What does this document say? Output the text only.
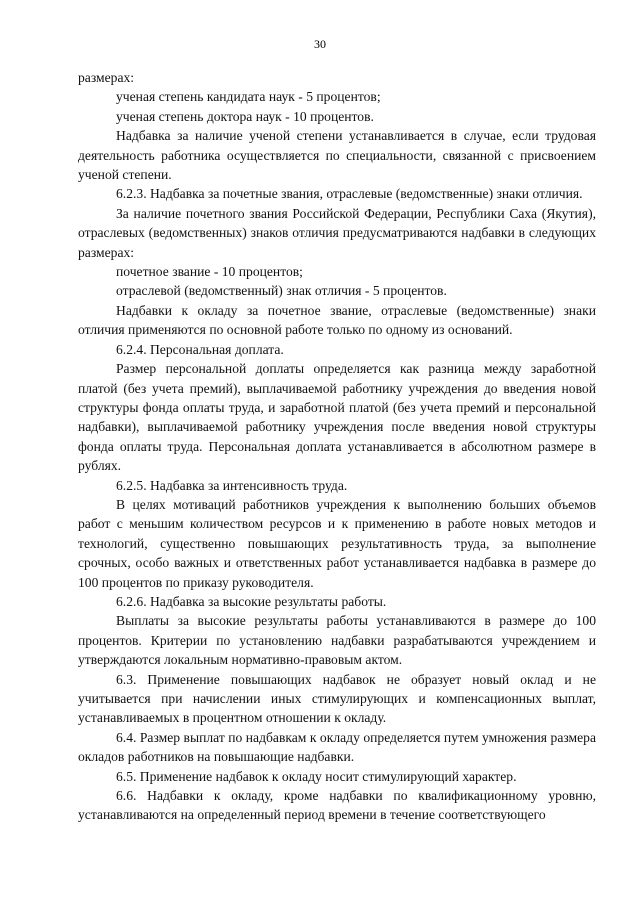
30

размерах:

ученая степень кандидата наук - 5 процентов;

ученая степень доктора наук - 10 процентов.

Надбавка за наличие ученой степени устанавливается в случае, если трудовая деятельность работника осуществляется по специальности, связанной с присвоением ученой степени.

6.2.3. Надбавка за почетные звания, отраслевые (ведомственные) знаки отличия.

За наличие почетного звания Российской Федерации, Республики Саха (Якутия), отраслевых (ведомственных) знаков отличия предусматриваются надбавки в следующих размерах:

почетное звание - 10 процентов;

отраслевой (ведомственный) знак отличия - 5 процентов.

Надбавки к окладу за почетное звание, отраслевые (ведомственные) знаки отличия применяются по основной работе только по одному из оснований.

6.2.4. Персональная доплата.

Размер персональной доплаты определяется как разница между заработной платой (без учета премий), выплачиваемой работнику учреждения до введения новой структуры фонда оплаты труда, и заработной платой (без учета премий и персональной надбавки), выплачиваемой работнику учреждения после введения новой структуры фонда оплаты труда. Персональная доплата устанавливается в абсолютном размере в рублях.

6.2.5. Надбавка за интенсивность труда.

В целях мотиваций работников учреждения к выполнению больших объемов работ с меньшим количеством ресурсов и к применению в работе новых методов и технологий, существенно повышающих результативность труда, за выполнение срочных, особо важных и ответственных работ устанавливается надбавка в размере до 100 процентов по приказу руководителя.

6.2.6. Надбавка за высокие результаты работы.

Выплаты за высокие результаты работы устанавливаются в размере до 100 процентов. Критерии по установлению надбавки разрабатываются учреждением и утверждаются локальным нормативно-правовым актом.

6.3. Применение повышающих надбавок не образует новый оклад и не учитывается при начислении иных стимулирующих и компенсационных выплат, устанавливаемых в процентном отношении к окладу.

6.4. Размер выплат по надбавкам к окладу определяется путем умножения размера окладов работников на повышающие надбавки.

6.5. Применение надбавок к окладу носит стимулирующий характер.

6.6. Надбавки к окладу, кроме надбавки по квалификационному уровню, устанавливаются на определенный период времени в течение соответствующего
